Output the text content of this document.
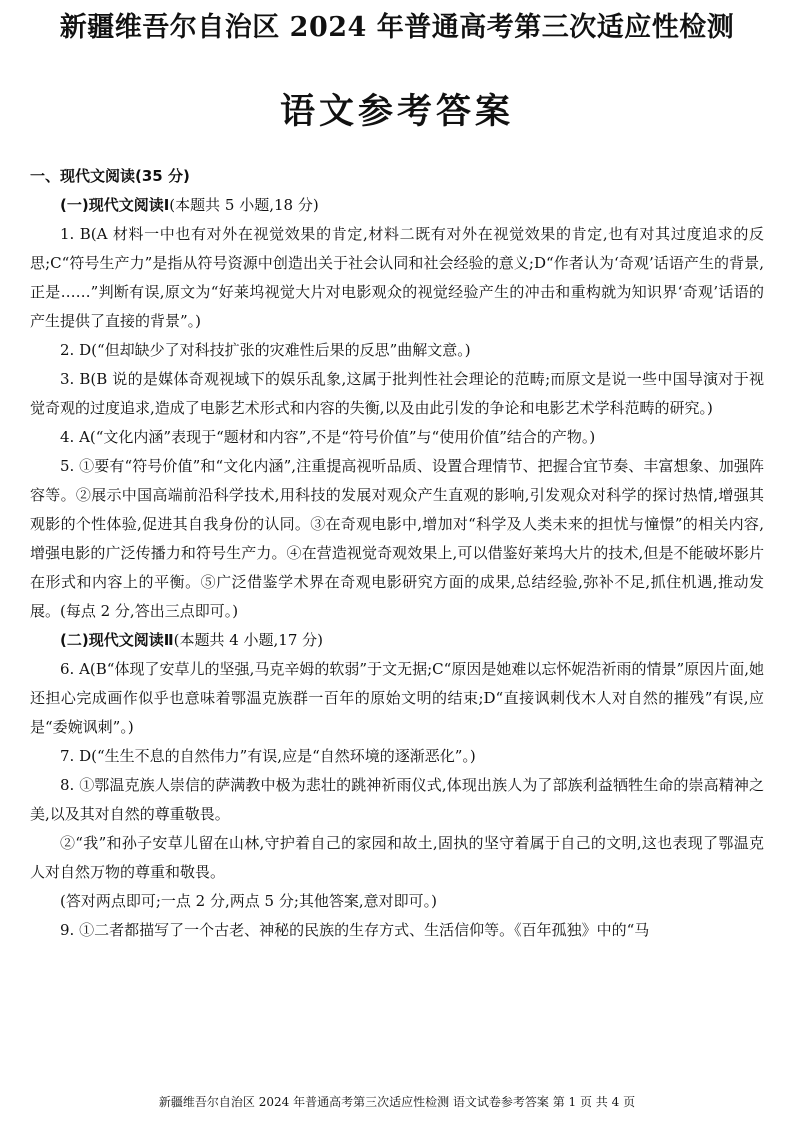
新疆维吾尔自治区 2024 年普通高考第三次适应性检测
语文参考答案

一、现代文阅读(35 分)

(一)现代文阅读Ⅰ(本题共 5 小题,18 分)

1. B(A 材料一中也有对外在视觉效果的肯定,材料二既有对外在视觉效果的肯定,也有对其过度追求的反思;C“符号生产力”是指从符号资源中创造出关于社会认同和社会经验的意义;D“作者认为‘奇观’话语产生的背景,正是……”判断有误,原文为“好莱坞视觉大片对电影观众的视觉经验产生的冲击和重构就为知识界‘奇观’话语的产生提供了直接的背景”。)

2. D(“但却缺少了对科技扩张的灾难性后果的反思”曲解文意。)

3. B(B 说的是媒体奇观视域下的娱乐乱象,这属于批判性社会理论的范畴;而原文是说一些中国导演对于视觉奇观的过度追求,造成了电影艺术形式和内容的失衡,以及由此引发的争论和电影艺术学科范畴的研究。)

4. A(“文化内涵”表现于“题材和内容”,不是“符号价值”与“使用价值”结合的产物。)

5. ①要有“符号价值”和“文化内涵”,注重提高视听品质、设置合理情节、把握合宜节奏、丰富想象、加强阵容等。②展示中国高端前沿科学技术,用科技的发展对观众产生直观的影响,引发观众对科学的探讨热情,增强其观影的个性体验,促进其自我身份的认同。③在奇观电影中,增加对“科学及人类未来的担忧与憧憬”的相关内容,增强电影的广泛传播力和符号生产力。④在营造视觉奇观效果上,可以借鉴好莱坞大片的技术,但是不能破坏影片在形式和内容上的平衡。⑤广泛借鉴学术界在奇观电影研究方面的成果,总结经验,弥补不足,抓住机遇,推动发展。(每点 2 分,答出三点即可。)

(二)现代文阅读Ⅱ(本题共 4 小题,17 分)

6. A(B“体现了安草儿的坚强,马克辛姆的软弱”于文无据;C“原因是她难以忘怀妮浩祈雨的情景”原因片面,她还担心完成画作似乎也意味着鄂温克族群一百年的原始文明的结束;D“直接讽刺伐木人对自然的摧残”有误,应是“委婉讽刺”。)

7. D(“生生不息的自然伟力”有误,应是“自然环境的逐渐恶化”。)

8. ①鄂温克族人崇信的萨满教中极为悲壮的跳神祈雨仪式,体现出族人为了部族利益牺牲生命的崇高精神之美,以及其对自然的尊重敬畏。

②“我”和孙子安草儿留在山林,守护着自己的家园和故土,固执的坚守着属于自己的文明,这也表现了鄂温克人对自然万物的尊重和敬畏。

(答对两点即可;一点 2 分,两点 5 分;其他答案,意对即可。)

9. ①二者都描写了一个古老、神秘的民族的生存方式、生活信仰等。《百年孤独》中的“马

新疆维吾尔自治区 2024 年普通高考第三次适应性检测 语文试卷参考答案 第 1 页 共 4 页
